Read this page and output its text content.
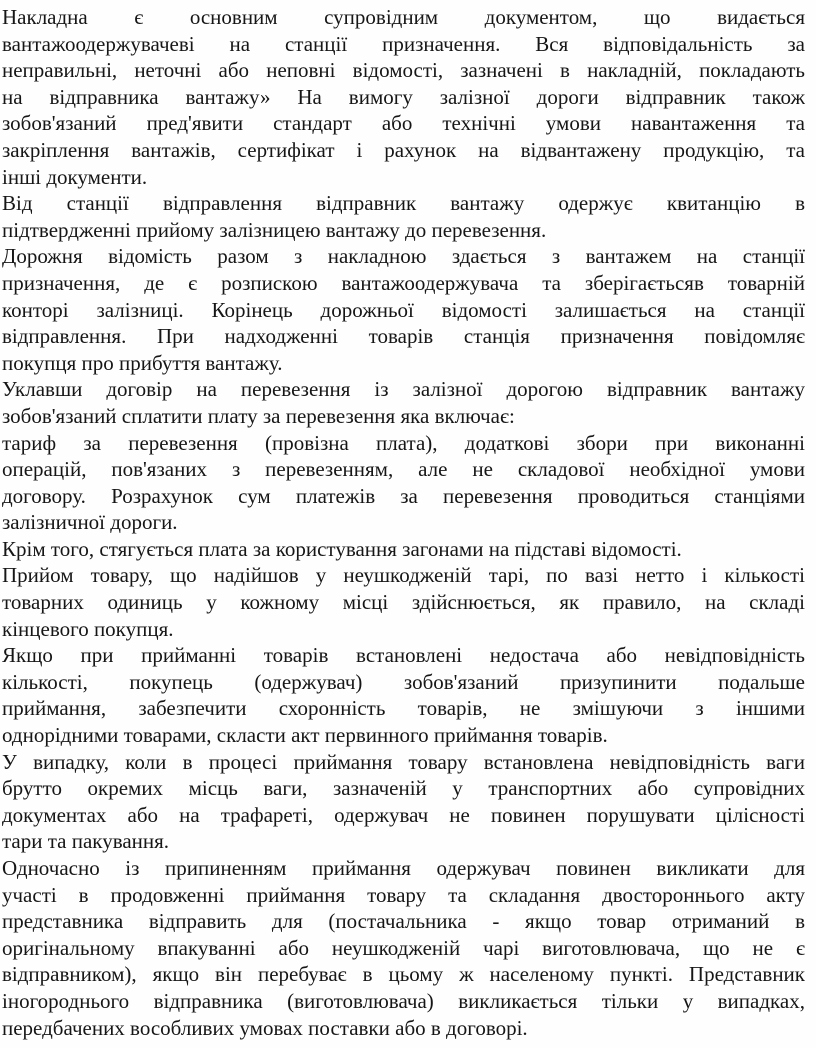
Накладна є основним супровідним документом, що видається
вантажоодержувачеві на станції призначення. Вся відповідальність за
неправильні, неточні або неповні відомості, зазначені в накладній, покладають
на відправника вантажу» На вимогу залізної дороги відправник також
зобов'язаний пред'явити стандарт або технічні умови навантаження та
закріплення вантажів, сертифікат і рахунок на відвантажену продукцію, та
інші документи.
Від станції відправлення відправник вантажу одержує квитанцію в
підтвердженні прийому залізницею вантажу до перевезення.
Дорожня відомість разом з накладною здається з вантажем на станції
призначення, де є розпискою вантажоодержувача та зберігаєтьсяв товарній
конторі залізниці. Корінець дорожньої відомості залишається на станції
відправлення. При надходженні товарів станція призначення повідомляє
покупця про прибуття вантажу.
Уклавши договір на перевезення із залізної дорогою відправник вантажу
зобов'язаний сплатити плату за перевезення яка включає:
тариф за перевезення (провізна плата), додаткові збори при виконанні
операцій, пов'язаних з перевезенням, але не складової необхідної умови
договору. Розрахунок сум платежів за перевезення проводиться станціями
залізничної дороги.
Крім того, стягується плата за користування загонами на підставі відомості.
Прийом товару, що надійшов у неушкодженій тарі, по вазі нетто і кількості
товарних одиниць у кожному місці здійснюється, як правило, на складі
кінцевого покупця.
Якщо при прийманні товарів встановлені недостача або невідповідність
кількості, покупець (одержувач) зобов'язаний призупинити подальше
приймання, забезпечити схоронність товарів, не змішуючи з іншими
однорідними товарами, скласти акт первинного приймання товарів.
У випадку, коли в процесі приймання товару встановлена невідповідність ваги
брутто окремих місць ваги, зазначеній у транспортних або супровідних
документах або на трафареті, одержувач не повинен порушувати цілісності
тари та пакування.
Одночасно із припиненням приймання одержувач повинен викликати для
участі в продовженні приймання товару та складання двостороннього акту
представника відправить для (постачальника - якщо товар отриманий в
оригінальному впакуванні або неушкодженій чарі виготовлювача, що не є
відправником), якщо він перебуває в цьому ж населеному пункті. Представник
іногороднього відправника (виготовлювача) викликається тільки у випадках,
передбачених вособливих умовах поставки або в договорі.
